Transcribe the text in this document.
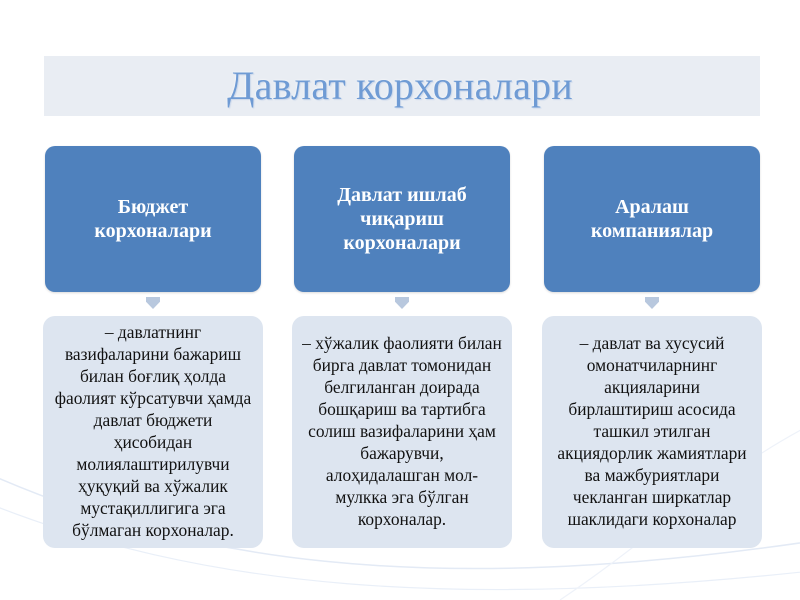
Давлат корхоналари
Бюджет корхоналари
Давлат ишлаб чиқариш корхоналари
Аралаш компаниялар
– давлатнинг вазифаларини бажариш билан боғлиқ ҳолда фаолият кўрсатувчи ҳамда давлат бюджети ҳисобидан молиялаштирилувчи ҳуқуқий ва хўжалик мустақиллигига эга бўлмаган корхоналар.
– хўжалик фаолияти билан бирга давлат томонидан белгиланган доирада бошқариш ва тартибга солиш вазифаларини ҳам бажарувчи, алоҳидалашган мол-мулкка эга бўлган корхоналар.
– давлат ва хусусий омонатчиларнинг акцияларини бирлаштириш асосида ташкил этилган акциядорлик жамиятлари ва мажбуриятлари чекланган ширкатлар шаклидаги корхоналар
